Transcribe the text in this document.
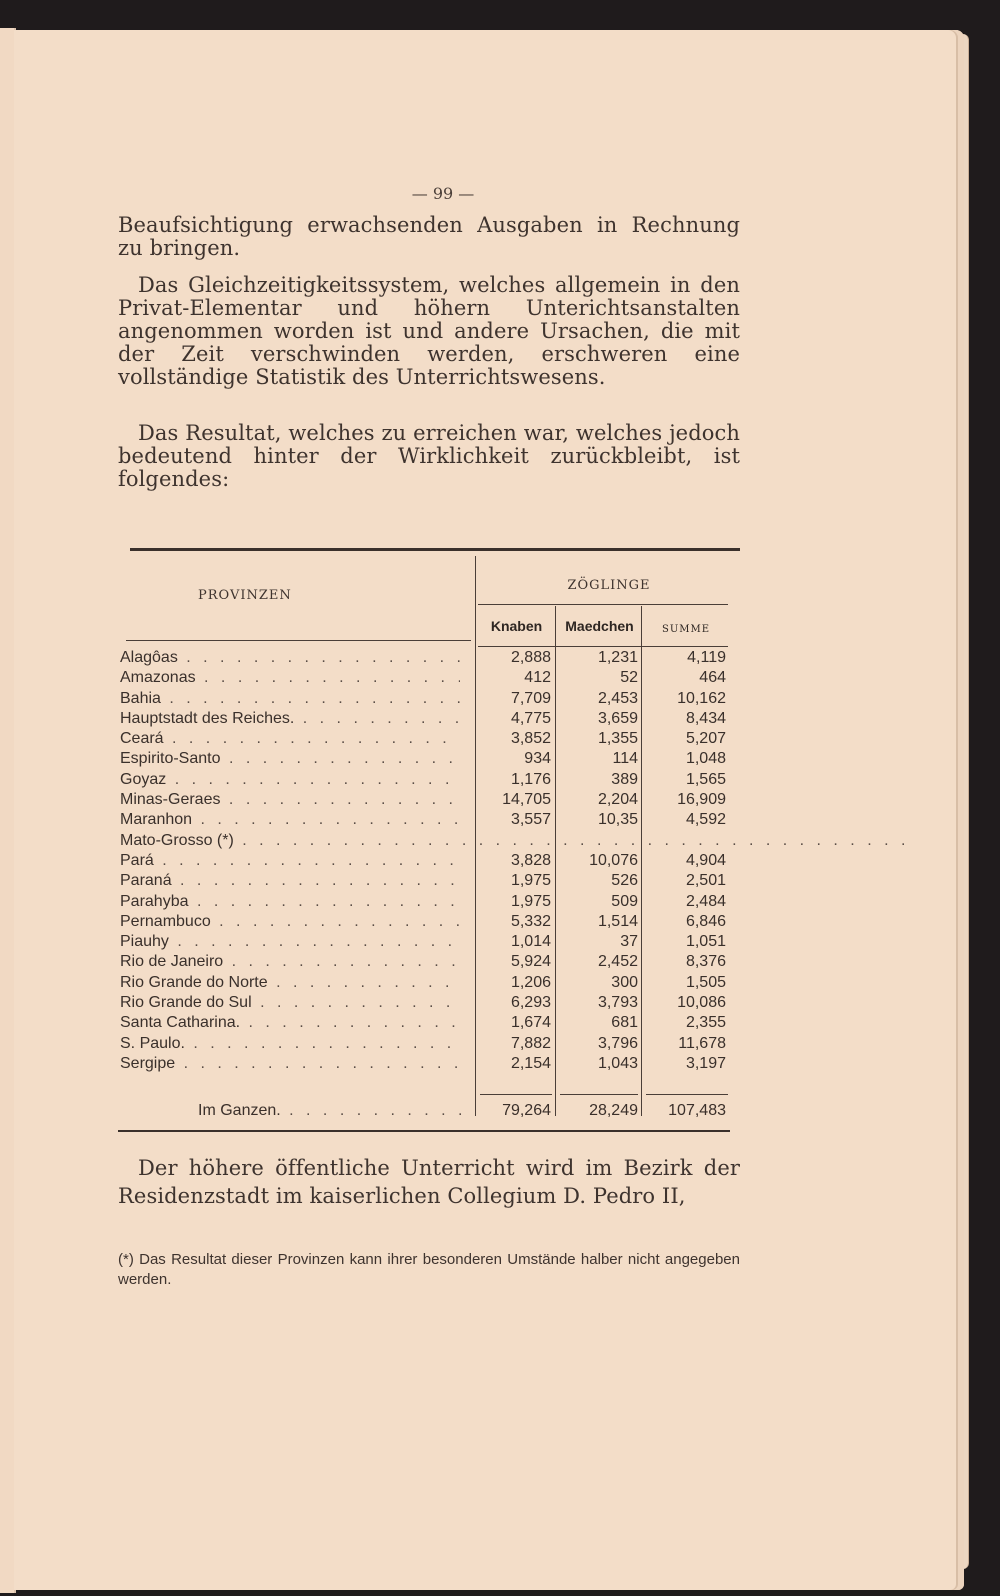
— 99 —
Beaufsichtigung erwachsenden Ausgaben in Rechnung zu bringen.
Das Gleichzeitigkeitssystem, welches allgemein in den Privat-Elementar und höhern Unterichtsanstalten angenommen worden ist und andere Ursachen, die mit der Zeit verschwinden werden, erschweren eine vollständige Statistik des Unterrichtswesens.
Das Resultat, welches zu erreichen war, welches jedoch bedeutend hinter der Wirklichkeit zurückbleibt, ist folgendes:
PROVINZEN
ZÖGLINGE
Knaben	Maedchen	SUMME
Alagôas . . .	2,888	1,231	4,119
Amazonas . . .	412	52	464
Bahia . . .	7,709	2,453	10,162
Hauptstadt des Reiches. . . .	4,775	3,659	8,434
Ceará . . .	3,852	1,355	5,207
Espirito-Santo . . .	934	114	1,048
Goyaz . . .	1,176	389	1,565
Minas-Geraes . . .	14,705	2,204	16,909
Maranhon . . .	3,557	10,35	4,592
Mato-Grosso (*) . . .
Pará . . .	3,828	10,076	4,904
Paraná . . .	1,975	526	2,501
Parahyba . . .	1,975	509	2,484
Pernambuco . . .	5,332	1,514	6,846
Piauhy . . .	1,014	37	1,051
Rio de Janeiro . . .	5,924	2,452	8,376
Rio Grande do Norte . . .	1,206	300	1,505
Rio Grande do Sul . . .	6,293	3,793	10,086
Santa Catharina. . . .	1,674	681	2,355
S. Paulo. . . .	7,882	3,796	11,678
Sergipe . . .	2,154	1,043	3,197
Im Ganzen. . . .	79,264	28,249	107,483
Der höhere öffentliche Unterricht wird im Bezirk der Residenzstadt im kaiserlichen Collegium D. Pedro II,
(*) Das Resultat dieser Provinzen kann ihrer besonderen Umstände halber nicht angegeben werden.
